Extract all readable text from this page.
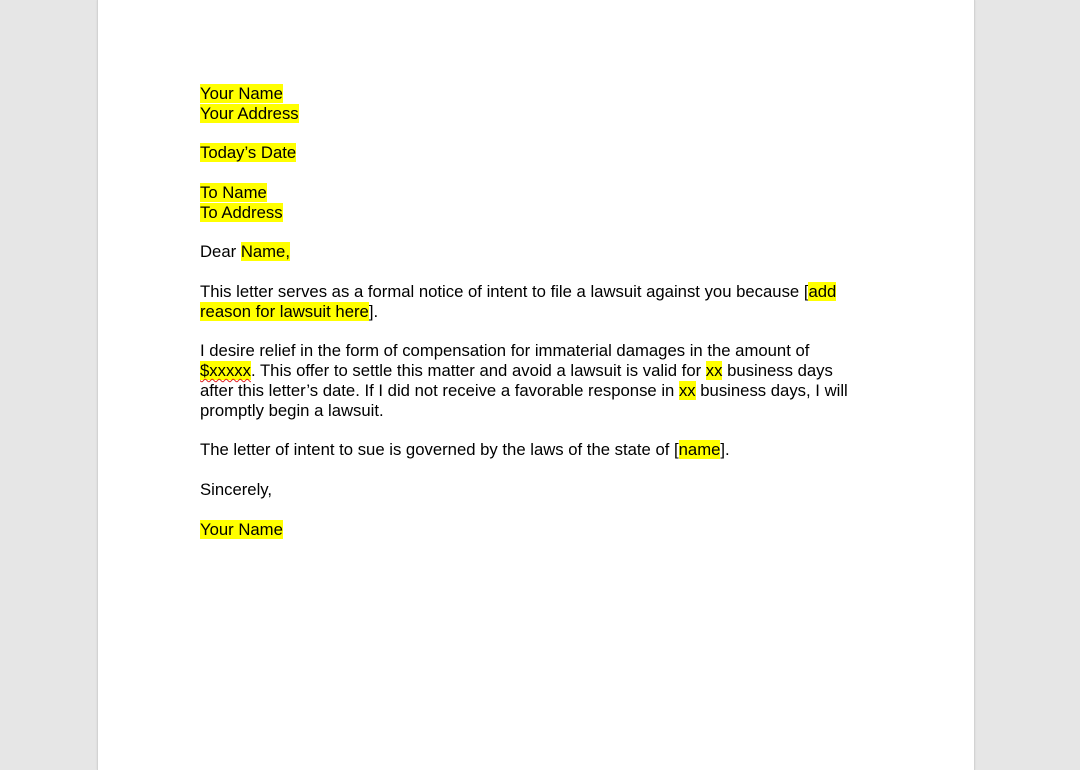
Your Name
Your Address
Today’s Date
To Name
To Address
Dear Name,
This letter serves as a formal notice of intent to file a lawsuit against you because [add
reason for lawsuit here].
I desire relief in the form of compensation for immaterial damages in the amount of
$xxxxx. This offer to settle this matter and avoid a lawsuit is valid for xx business days
after this letter’s date. If I did not receive a favorable response in xx business days, I will
promptly begin a lawsuit.
The letter of intent to sue is governed by the laws of the state of [name].
Sincerely,
Your Name
